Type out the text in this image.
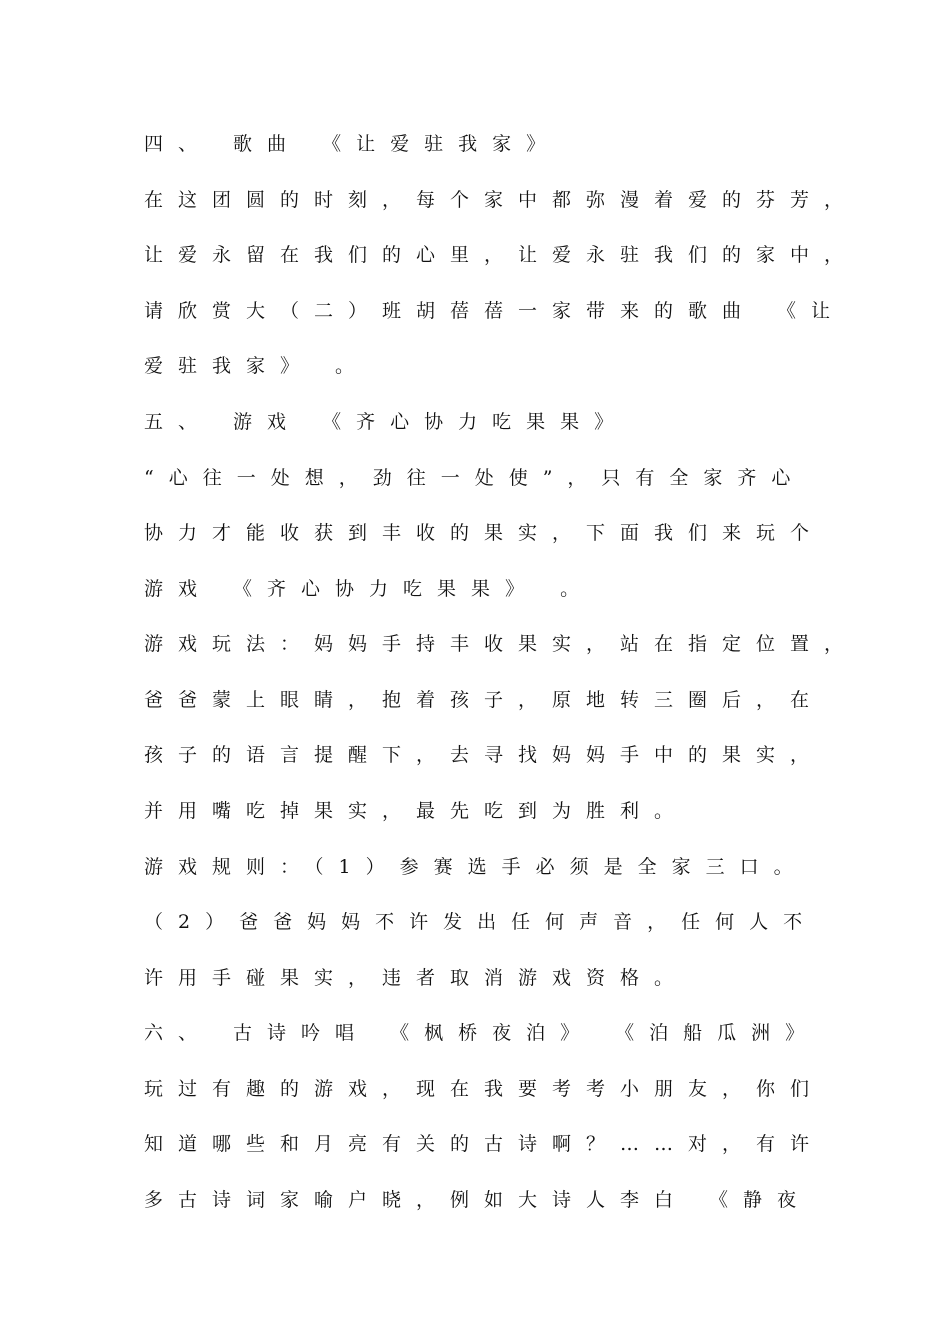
四、 歌曲 《让爱驻我家》
在这团圆的时刻，每个家中都弥漫着爱的芬芳，
让爱永留在我们的心里，让爱永驻我们的家中，
请欣赏大（二）班胡蓓蓓一家带来的歌曲 《让
爱驻我家》 。
五、 游戏 《齐心协力吃果果》
“心往一处想，劲往一处使”，只有全家齐心
协力才能收获到丰收的果实，下面我们来玩个
游戏 《齐心协力吃果果》 。
游戏玩法：妈妈手持丰收果实，站在指定位置，
爸爸蒙上眼睛，抱着孩子，原地转三圈后，在
孩子的语言提醒下，去寻找妈妈手中的果实，
并用嘴吃掉果实，最先吃到为胜利。
游戏规则：（1）参赛选手必须是全家三口。
（2）爸爸妈妈不许发出任何声音，任何人不
许用手碰果实，违者取消游戏资格。
六、 古诗吟唱 《枫桥夜泊》 《泊船瓜洲》
玩过有趣的游戏，现在我要考考小朋友，你们
知道哪些和月亮有关的古诗啊？……对，有许
多古诗词家喻户晓，例如大诗人李白 《静夜
